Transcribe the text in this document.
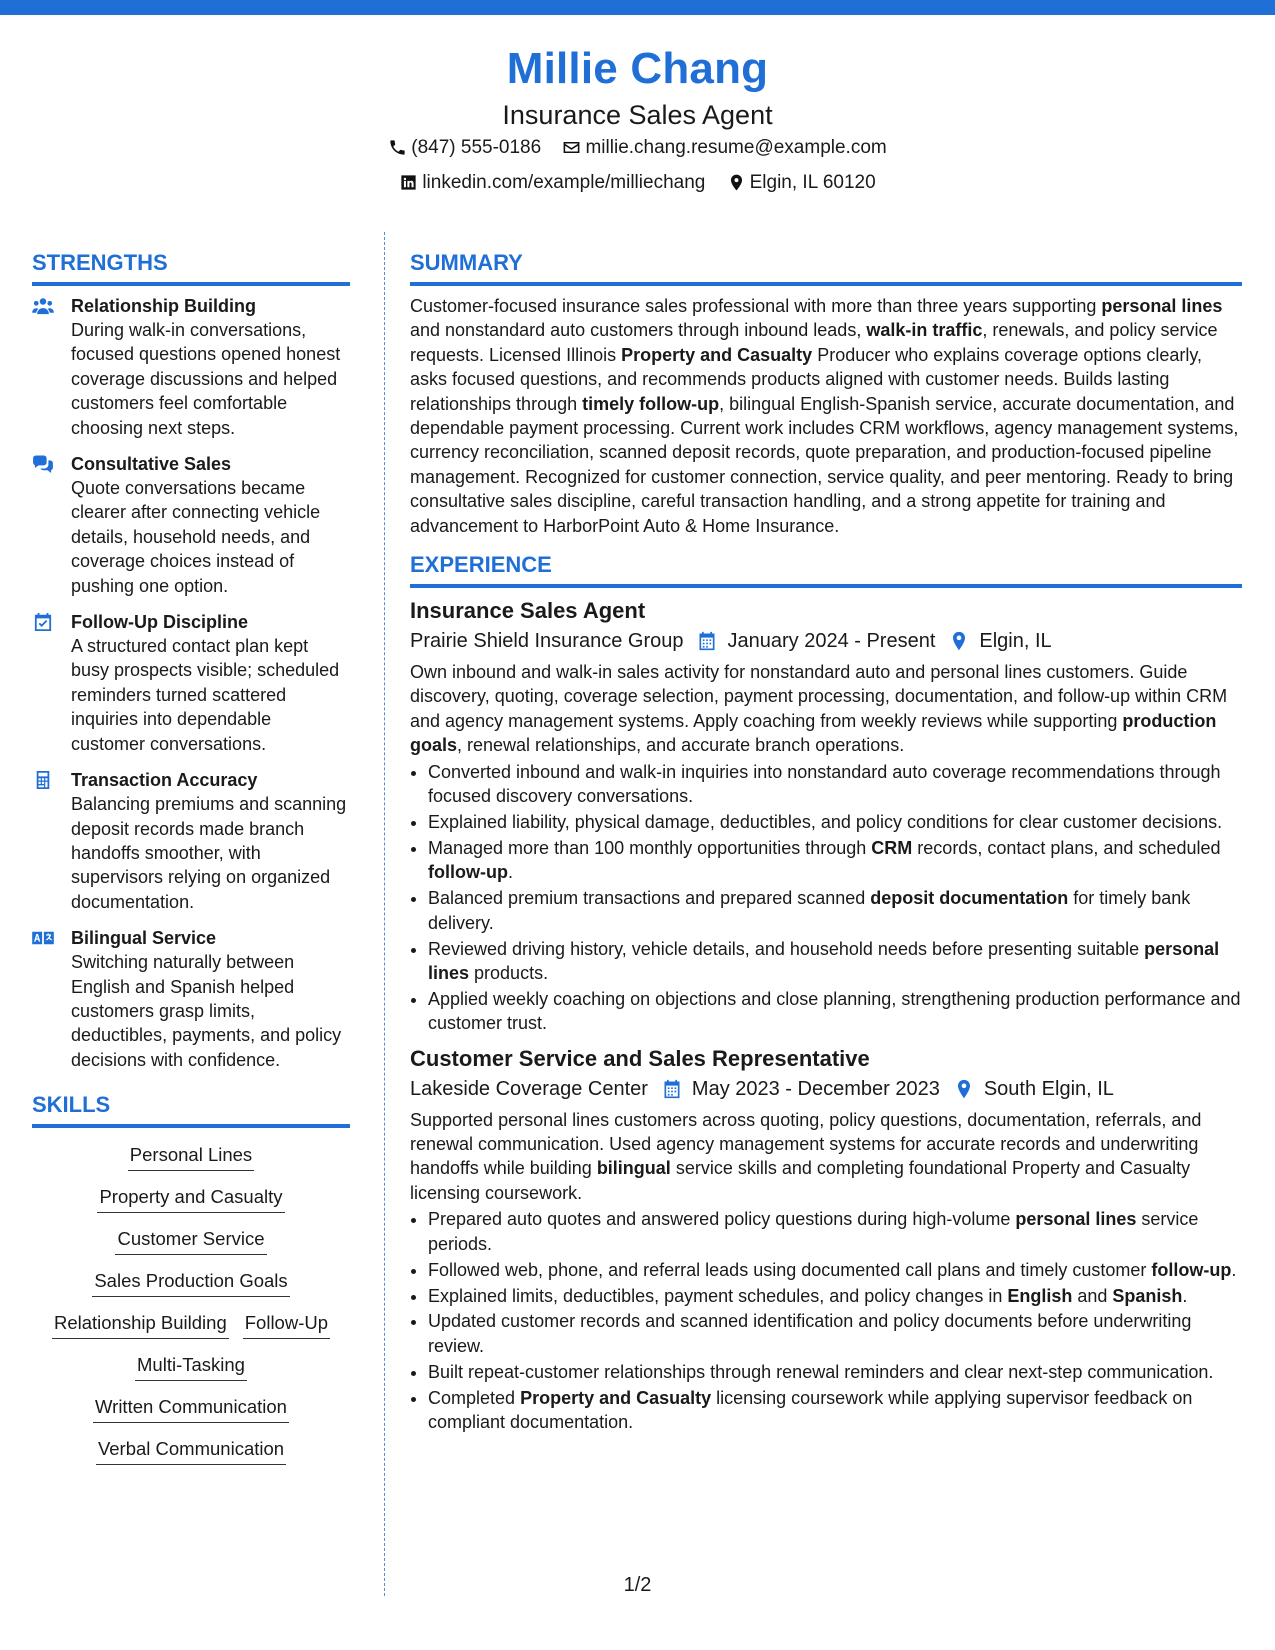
Millie Chang
Insurance Sales Agent
(847) 555-0186
millie.chang.resume@example.com
linkedin.com/example/milliechang
Elgin, IL 60120
STRENGTHS
Relationship Building
During walk-in conversations, focused questions opened honest coverage discussions and helped customers feel comfortable choosing next steps.
Consultative Sales
Quote conversations became clearer after connecting vehicle details, household needs, and coverage choices instead of pushing one option.
Follow-Up Discipline
A structured contact plan kept busy prospects visible; scheduled reminders turned scattered inquiries into dependable customer conversations.
Transaction Accuracy
Balancing premiums and scanning deposit records made branch handoffs smoother, with supervisors relying on organized documentation.
Bilingual Service
Switching naturally between English and Spanish helped customers grasp limits, deductibles, payments, and policy decisions with confidence.
SKILLS
Personal Lines
Property and Casualty
Customer Service
Sales Production Goals
Relationship Building Follow-Up
Multi-Tasking
Written Communication
Verbal Communication
SUMMARY
Customer-focused insurance sales professional with more than three years supporting personal lines and nonstandard auto customers through inbound leads, walk-in traffic, renewals, and policy service requests. Licensed Illinois Property and Casualty Producer who explains coverage options clearly, asks focused questions, and recommends products aligned with customer needs. Builds lasting relationships through timely follow-up, bilingual English-Spanish service, accurate documentation, and dependable payment processing. Current work includes CRM workflows, agency management systems, currency reconciliation, scanned deposit records, quote preparation, and production-focused pipeline management. Recognized for customer connection, service quality, and peer mentoring. Ready to bring consultative sales discipline, careful transaction handling, and a strong appetite for training and advancement to HarborPoint Auto & Home Insurance.
EXPERIENCE
Insurance Sales Agent
Prairie Shield Insurance Group January 2024 - Present Elgin, IL
Own inbound and walk-in sales activity for nonstandard auto and personal lines customers. Guide discovery, quoting, coverage selection, payment processing, documentation, and follow-up within CRM and agency management systems. Apply coaching from weekly reviews while supporting production goals, renewal relationships, and accurate branch operations.
• Converted inbound and walk-in inquiries into nonstandard auto coverage recommendations through focused discovery conversations.
• Explained liability, physical damage, deductibles, and policy conditions for clear customer decisions.
• Managed more than 100 monthly opportunities through CRM records, contact plans, and scheduled follow-up.
• Balanced premium transactions and prepared scanned deposit documentation for timely bank delivery.
• Reviewed driving history, vehicle details, and household needs before presenting suitable personal lines products.
• Applied weekly coaching on objections and close planning, strengthening production performance and customer trust.
Customer Service and Sales Representative
Lakeside Coverage Center May 2023 - December 2023 South Elgin, IL
Supported personal lines customers across quoting, policy questions, documentation, referrals, and renewal communication. Used agency management systems for accurate records and underwriting handoffs while building bilingual service skills and completing foundational Property and Casualty licensing coursework.
• Prepared auto quotes and answered policy questions during high-volume personal lines service periods.
• Followed web, phone, and referral leads using documented call plans and timely customer follow-up.
• Explained limits, deductibles, payment schedules, and policy changes in English and Spanish.
• Updated customer records and scanned identification and policy documents before underwriting review.
• Built repeat-customer relationships through renewal reminders and clear next-step communication.
• Completed Property and Casualty licensing coursework while applying supervisor feedback on compliant documentation.
1/2
